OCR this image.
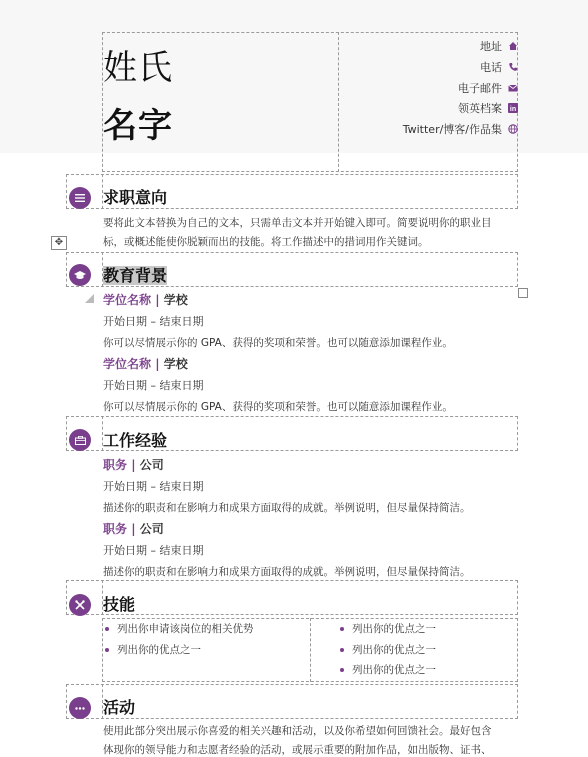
姓氏
名字
地址
电话
电子邮件
领英档案 in
Twitter/博客/作品集
求职意向
要将此文本替换为自己的文本，只需单击文本并开始键入即可。简要说明你的职业目
标，或概述能使你脱颖而出的技能。将工作描述中的措词用作关键词。
✥
教育背景
学位名称 | 学校
开始日期 – 结束日期
你可以尽情展示你的 GPA、获得的奖项和荣誉。也可以随意添加课程作业。
学位名称 | 学校
开始日期 – 结束日期
你可以尽情展示你的 GPA、获得的奖项和荣誉。也可以随意添加课程作业。
工作经验
职务 | 公司
开始日期 – 结束日期
描述你的职责和在影响力和成果方面取得的成就。举例说明，但尽量保持简洁。
职务 | 公司
开始日期 – 结束日期
描述你的职责和在影响力和成果方面取得的成就。举例说明，但尽量保持简洁。
技能
列出你申请该岗位的相关优势
列出你的优点之一
列出你的优点之一
列出你的优点之一
列出你的优点之一
活动
使用此部分突出展示你喜爱的相关兴趣和活动，以及你希望如何回馈社会。最好包含
体现你的领导能力和志愿者经验的活动，或展示重要的附加作品，如出版物、证书、
